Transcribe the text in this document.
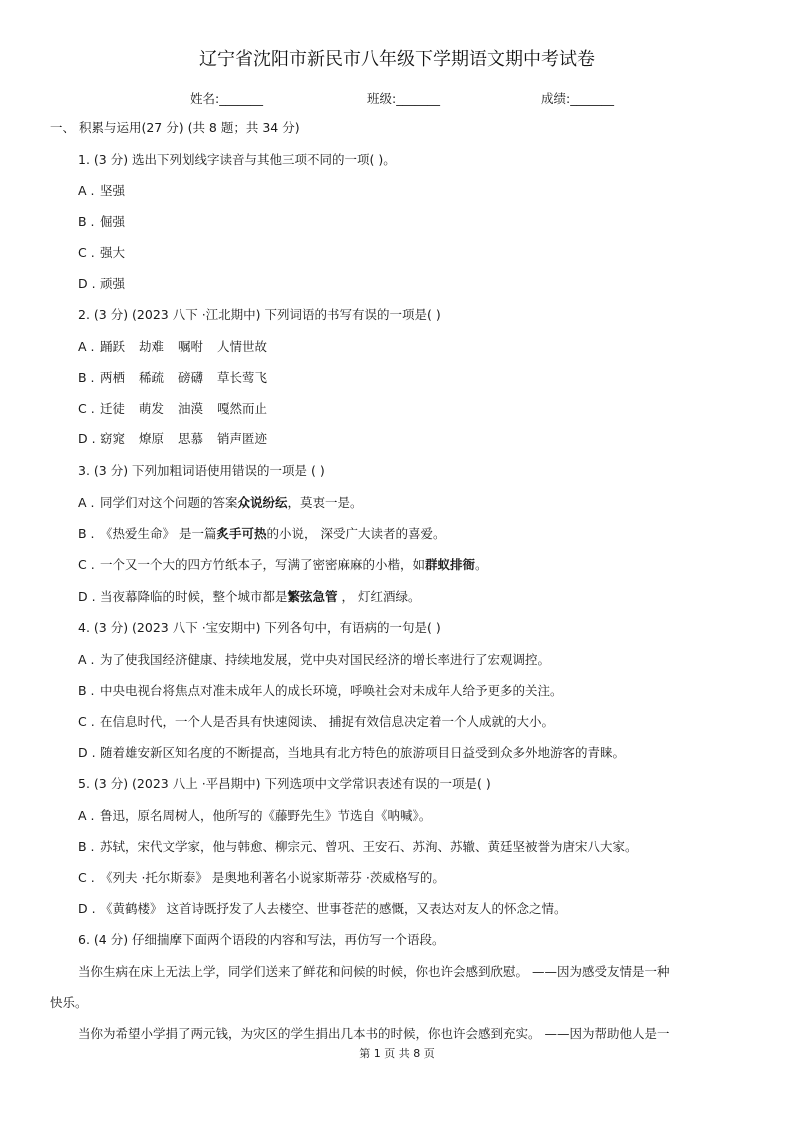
辽宁省沈阳市新民市八年级下学期语文期中考试卷
姓名:_______	班级:_______	成绩:_______
一、 积累与运用(27 分) (共 8 题；共 34 分)
1. (3 分) 选出下列划线字读音与其他三项不同的一项( )。
A . 坚强
B . 倔强
C . 强大
D . 顽强
2. (3 分) (2023 八下 ·江北期中) 下列词语的书写有误的一项是( )
A . 踊跃 劫难 嘱咐 人情世故
B . 两栖 稀疏 磅礴 草长莺飞
C . 迁徒 萌发 油漠 嘎然而止
D . 窈窕 燎原 思慕 销声匿迹
3. (3 分) 下列加粗词语使用错误的一项是 ( )
A . 同学们对这个问题的答案众说纷纭，莫衷一是。
B . 《热爱生命》 是一篇炙手可热的小说， 深受广大读者的喜爱。
C . 一个又一个大的四方竹纸本子，写满了密密麻麻的小楷，如群蚁排衙。
D . 当夜幕降临的时候，整个城市都是繁弦急管 ， 灯红酒绿。
4. (3 分) (2023 八下 ·宝安期中) 下列各句中，有语病的一句是( )
A . 为了使我国经济健康、持续地发展，党中央对国民经济的增长率进行了宏观调控。
B . 中央电视台将焦点对准未成年人的成长环境，呼唤社会对未成年人给予更多的关注。
C . 在信息时代，一个人是否具有快速阅读、 捕捉有效信息决定着一个人成就的大小。
D . 随着雄安新区知名度的不断提高，当地具有北方特色的旅游项目日益受到众多外地游客的青睐。
5. (3 分) (2023 八上 ·平昌期中) 下列选项中文学常识表述有误的一项是( )
A . 鲁迅，原名周树人，他所写的《藤野先生》节选自《呐喊》。
B . 苏轼，宋代文学家，他与韩愈、柳宗元、曾巩、王安石、苏洵、苏辙、黄廷坚被誉为唐宋八大家。
C . 《列夫 ·托尔斯泰》 是奥地利著名小说家斯蒂芬 ·茨威格写的。
D . 《黄鹤楼》 这首诗既抒发了人去楼空、世事苍茫的感慨，又表达对友人的怀念之情。
6. (4 分) 仔细揣摩下面两个语段的内容和写法，再仿写一个语段。
当你生病在床上无法上学，同学们送来了鲜花和问候的时候，你也许会感到欣慰。 ——因为感受友情是一种
快乐。
当你为希望小学捐了两元钱，为灾区的学生捐出几本书的时候，你也许会感到充实。 ——因为帮助他人是一
第 1 页 共 8 页
